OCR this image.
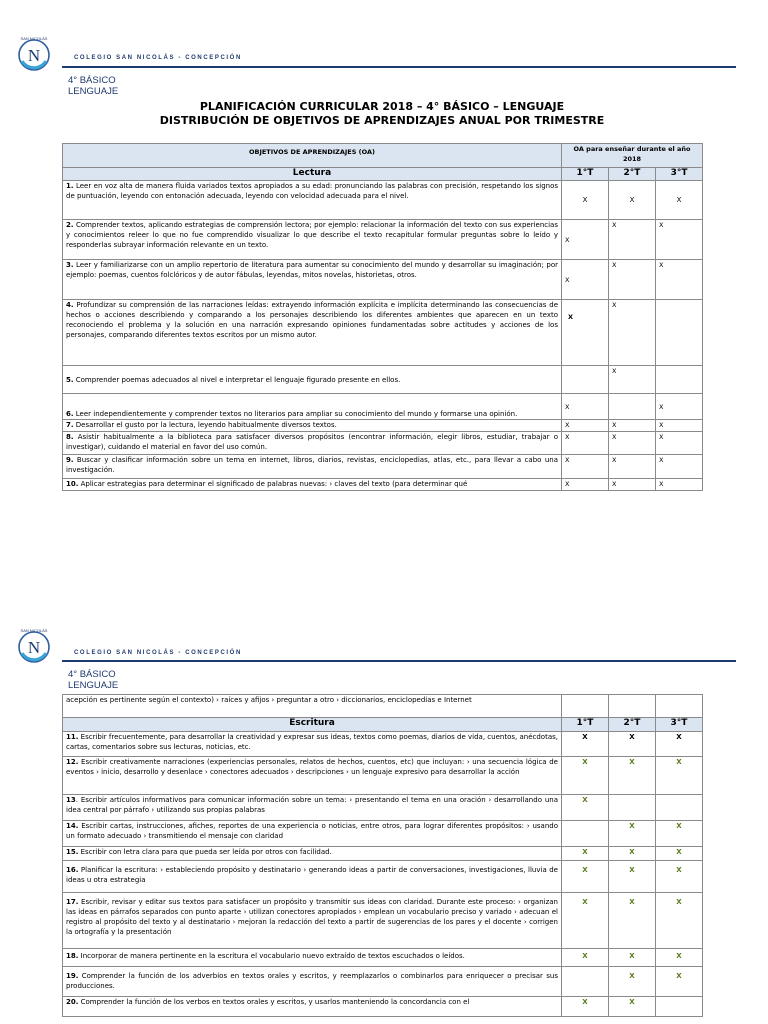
N
SAN NICOLÁS
COLEGIO SAN NICOLÁS - CONCEPCIÓN
4° BÁSICO
LENGUAJE
PLANIFICACIÓN CURRICULAR 2018 – 4° BÁSICO – LENGUAJE
DISTRIBUCIÓN DE OBJETIVOS DE APRENDIZAJES ANUAL POR TRIMESTRE
OBJETIVOS DE APRENDIZAJES (OA)	OA para enseñar durante el año 2018		
Lectura	1°T	2°T	3°T
1. Leer en voz alta de manera fluida variados textos apropiados a su edad: pronunciando las palabras con precisión, respetando los signos de puntuación, leyendo con entonación adecuada, leyendo con velocidad adecuada para el nivel.	X	X	X
2. Comprender textos, aplicando estrategias de comprensión lectora; por ejemplo: relacionar la información del texto con sus experiencias y conocimientos releer lo que no fue comprendido visualizar lo que describe el texto recapitular formular preguntas sobre lo leído y responderlas subrayar información relevante en un texto.	X	X	X
3. Leer y familiarizarse con un amplio repertorio de literatura para aumentar su conocimiento del mundo y desarrollar su imaginación; por ejemplo: poemas, cuentos folclóricos y de autor fábulas, leyendas, mitos novelas, historietas, otros.	X	X	X
4. Profundizar su comprensión de las narraciones leídas: extrayendo información explícita e implícita determinando las consecuencias de hechos o acciones describiendo y comparando a los personajes describiendo los diferentes ambientes que aparecen en un texto reconociendo el problema y la solución en una narración expresando opiniones fundamentadas sobre actitudes y acciones de los personajes, comparando diferentes textos escritos por un mismo autor.	X	X	
5. Comprender poemas adecuados al nivel e interpretar el lenguaje figurado presente en ellos.		X	
6. Leer independientemente y comprender textos no literarios para ampliar su conocimiento del mundo y formarse una opinión.	X		X
7. Desarrollar el gusto por la lectura, leyendo habitualmente diversos textos.	X	X	X
8. Asistir habitualmente a la biblioteca para satisfacer diversos propósitos (encontrar información, elegir libros, estudiar, trabajar o investigar), cuidando el material en favor del uso común.	X	X	X
9. Buscar y clasificar información sobre un tema en internet, libros, diarios, revistas, enciclopedias, atlas, etc., para llevar a cabo una investigación.	X	X	X
10. Aplicar estrategias para determinar el significado de palabras nuevas: › claves del texto (para determinar qué	X	X	X
N
SAN NICOLÁS
COLEGIO SAN NICOLÁS - CONCEPCIÓN
4° BÁSICO
LENGUAJE
acepción es pertinente según el contexto) › raíces y afijos › preguntar a otro › diccionarios, enciclopedias e Internet			
Escritura	1°T	2°T	3°T
11. Escribir frecuentemente, para desarrollar la creatividad y expresar sus ideas, textos como poemas, diarios de vida, cuentos, anécdotas, cartas, comentarios sobre sus lecturas, noticias, etc.	X	X	X
12. Escribir creativamente narraciones (experiencias personales, relatos de hechos, cuentos, etc) que incluyan: › una secuencia lógica de eventos › inicio, desarrollo y desenlace › conectores adecuados › descripciones › un lenguaje expresivo para desarrollar la acción	X	X	X
13. Escribir artículos informativos para comunicar información sobre un tema: › presentando el tema en una oración › desarrollando una idea central por párrafo › utilizando sus propias palabras	X		
14. Escribir cartas, instrucciones, afiches, reportes de una experiencia o noticias, entre otros, para lograr diferentes propósitos: › usando un formato adecuado › transmitiendo el mensaje con claridad		X	X
15. Escribir con letra clara para que pueda ser leída por otros con facilidad.	X	X	X
16. Planificar la escritura: › estableciendo propósito y destinatario › generando ideas a partir de conversaciones, investigaciones, lluvia de ideas u otra estrategia	X	X	X
17. Escribir, revisar y editar sus textos para satisfacer un propósito y transmitir sus ideas con claridad. Durante este proceso: › organizan las ideas en párrafos separados con punto aparte › utilizan conectores apropiados › emplean un vocabulario preciso y variado › adecuan el registro al propósito del texto y al destinatario › mejoran la redacción del texto a partir de sugerencias de los pares y el docente › corrigen la ortografía y la presentación	X	X	X
18. Incorporar de manera pertinente en la escritura el vocabulario nuevo extraído de textos escuchados o leídos.	X	X	X
19. Comprender la función de los adverbios en textos orales y escritos, y reemplazarlos o combinarlos para enriquecer o precisar sus producciones.		X	X
20. Comprender la función de los verbos en textos orales y escritos, y usarlos manteniendo la concordancia con el	X	X	
